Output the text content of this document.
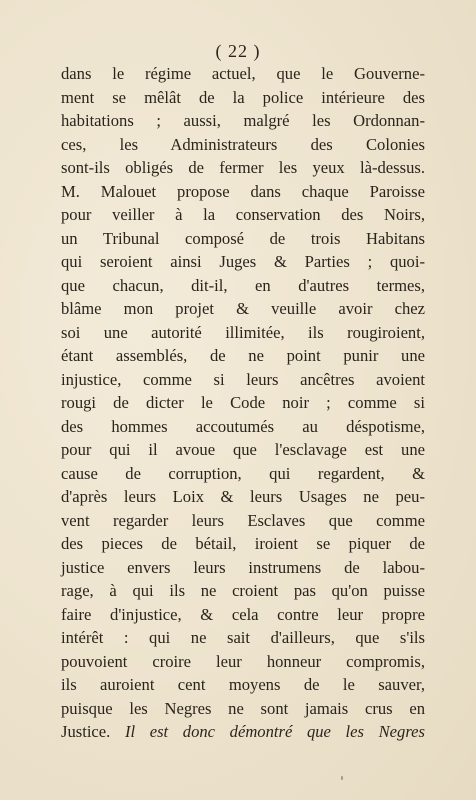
( 22 )
dans le régime actuel, que le Gouverne-
ment se mêlât de la police intérieure des
habitations ; aussi, malgré les Ordonnan-
ces, les Administrateurs des Colonies
sont-ils obligés de fermer les yeux là-dessus.
M. Malouet propose dans chaque Paroisse
pour veiller à la conservation des Noirs,
un Tribunal composé de trois Habitans
qui seroient ainsi Juges & Parties ; quoi-
que chacun, dit-il, en d'autres termes,
blâme mon projet & veuille avoir chez
soi une autorité illimitée, ils rougiroient,
étant assemblés, de ne point punir une
injustice, comme si leurs ancêtres avoient
rougi de dicter le Code noir ; comme si
des hommes accoutumés au déspotisme,
pour qui il avoue que l'esclavage est une
cause de corruption, qui regardent, &
d'après leurs Loix & leurs Usages ne peu-
vent regarder leurs Esclaves que comme
des pieces de bétail, iroient se piquer de
justice envers leurs instrumens de labou-
rage, à qui ils ne croient pas qu'on puisse
faire d'injustice, & cela contre leur propre
intérêt : qui ne sait d'ailleurs, que s'ils
pouvoient croire leur honneur compromis,
ils auroient cent moyens de le sauver,
puisque les Negres ne sont jamais crus en
Justice. Il est donc démontré que les Negres
